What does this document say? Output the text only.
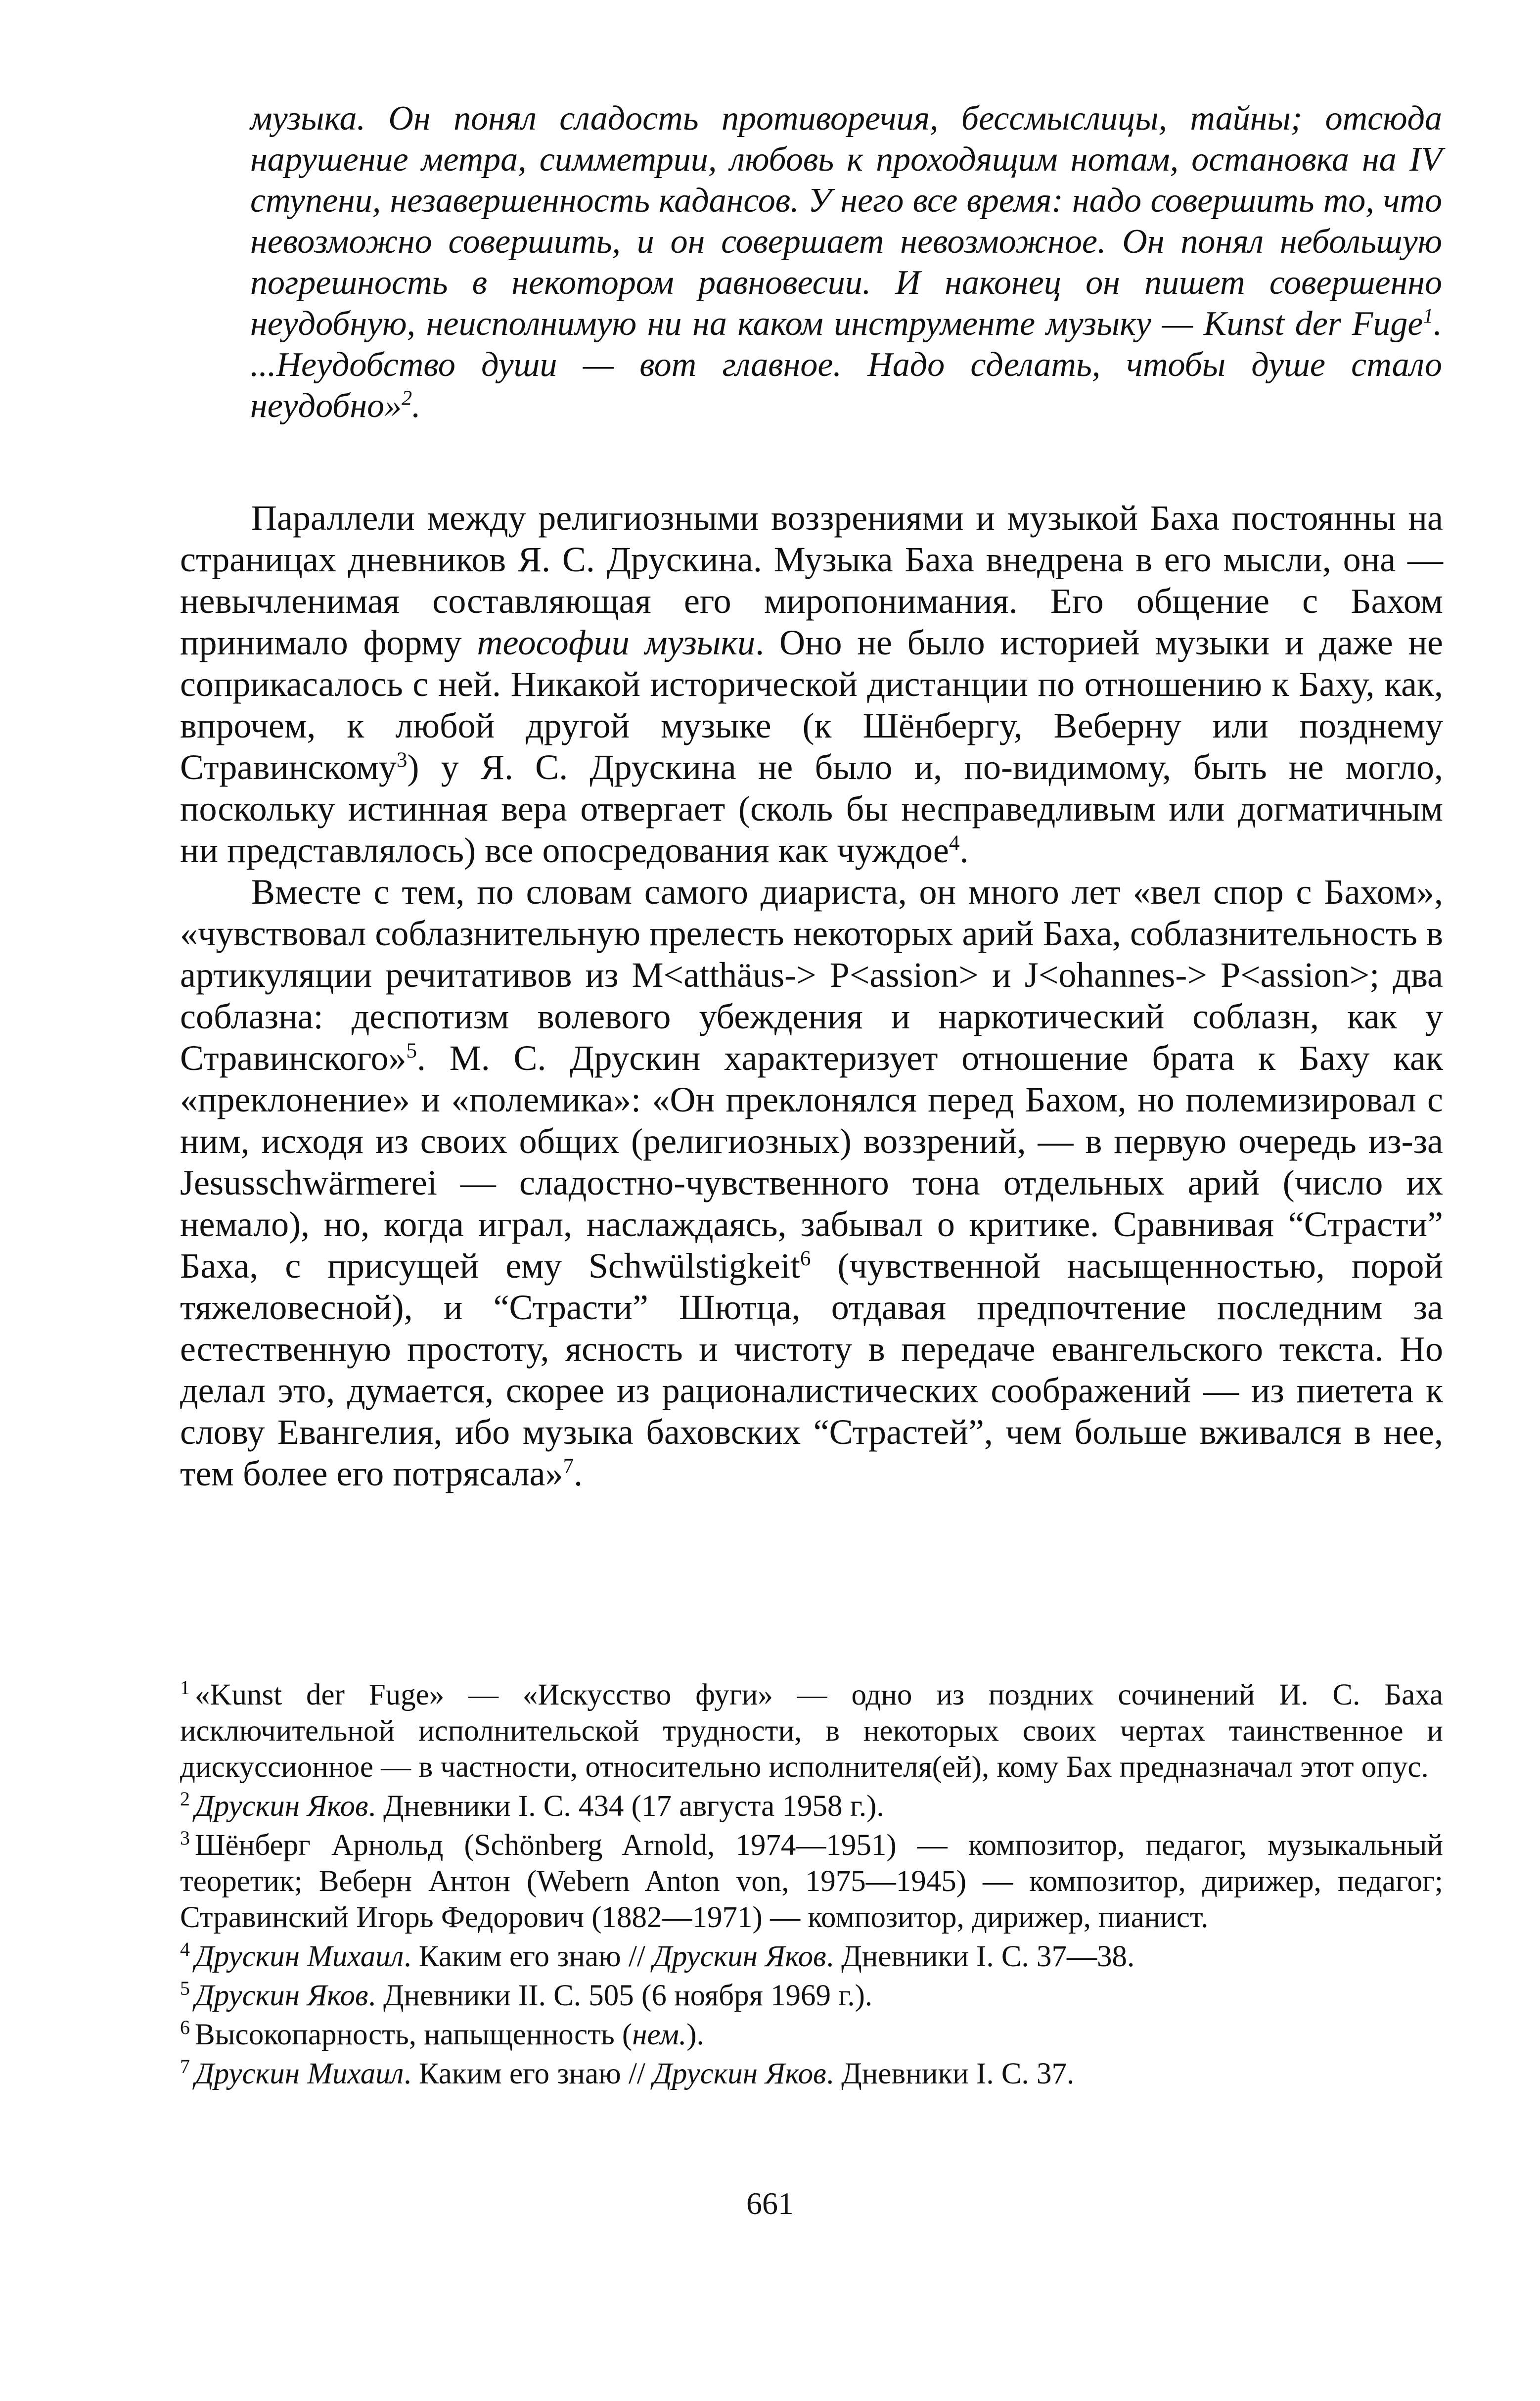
музыка. Он понял сладость противоречия, бессмыслицы, тайны; отсюда нарушение метра, симметрии, любовь к проходящим нотам, остановка на IV ступени, незавершенность кадансов. У него все время: надо совершить то, что невозможно совершить, и он совершает невозможное. Он понял небольшую погрешность в некотором равновесии. И наконец он пишет совершенно неудобную, неисполнимую ни на каком инструменте музыку — Kunst der Fuge$^1$. ...Неудобство души — вот главное. Надо сделать, чтобы душе стало неудобно»$^2$.

Параллели между религиозными воззрениями и музыкой Баха постоянны на страницах дневников Я. С. Друскина. Музыка Баха внедрена в его мысли, она — невычленимая составляющая его миропонимания. Его общение с Бахом принимало форму теософии музыки. Оно не было историей музыки и даже не соприкасалось с ней. Никакой исторической дистанции по отношению к Баху, как, впрочем, к любой другой музыке (к Шёнбергу, Веберну или позднему Стравинскому$^3$) у Я. С. Друскина не было и, по-видимому, быть не могло, поскольку истинная вера отвергает (сколь бы несправедливым или догматичным ни представлялось) все опосредования как чуждое$^4$.

Вместе с тем, по словам самого диариста, он много лет «вел спор с Бахом», «чувствовал соблазнительную прелесть некоторых арий Баха, соблазнительность в артикуляции речитативов из M<atthäus-> P<assion> и J<ohannes-> P<assion>; два соблазна: деспотизм волевого убеждения и наркотический соблазн, как у Стравинского»$^5$. М. С. Друскин характеризует отношение брата к Баху как «преклонение» и «полемика»: «Он преклонялся перед Бахом, но полемизировал с ним, исходя из своих общих (религиозных) воззрений, — в первую очередь из-за Jesusschwärmerei — сладостно-чувственного тона отдельных арий (число их немало), но, когда играл, наслаждаясь, забывал о критике. Сравнивая “Страсти” Баха, с присущей ему Schwülstigkeit$^6$ (чувственной насыщенностью, порой тяжеловесной), и “Страсти” Шютца, отдавая предпочтение последним за естественную простоту, ясность и чистоту в передаче евангельского текста. Но делал это, думается, скорее из рационалистических соображений — из пиетета к слову Евангелия, ибо музыка баховских “Страстей”, чем больше вживался в нее, тем более его потрясала»$^7$.

$^1$ «Kunst der Fuge» — «Искусство фуги» — одно из поздних сочинений И. С. Баха исключительной исполнительской трудности, в некоторых своих чертах таинственное и дискуссионное — в частности, относительно исполнителя(ей), кому Бах предназначал этот опус.

$^2$ Друскин Яков. Дневники I. С. 434 (17 августа 1958 г.).

$^3$ Шёнберг Арнольд (Schönberg Arnold, 1974—1951) — композитор, педагог, музыкальный теоретик; Веберн Антон (Webern Anton von, 1975—1945) — композитор, дирижер, педагог; Стравинский Игорь Федорович (1882—1971) — композитор, дирижер, пианист.

$^4$ Друскин Михаил. Каким его знаю // Друскин Яков. Дневники I. С. 37—38.

$^5$ Друскин Яков. Дневники II. С. 505 (6 ноября 1969 г.).

$^6$ Высокопарность, напыщенность (нем.).

$^7$ Друскин Михаил. Каким его знаю // Друскин Яков. Дневники I. С. 37.

661
